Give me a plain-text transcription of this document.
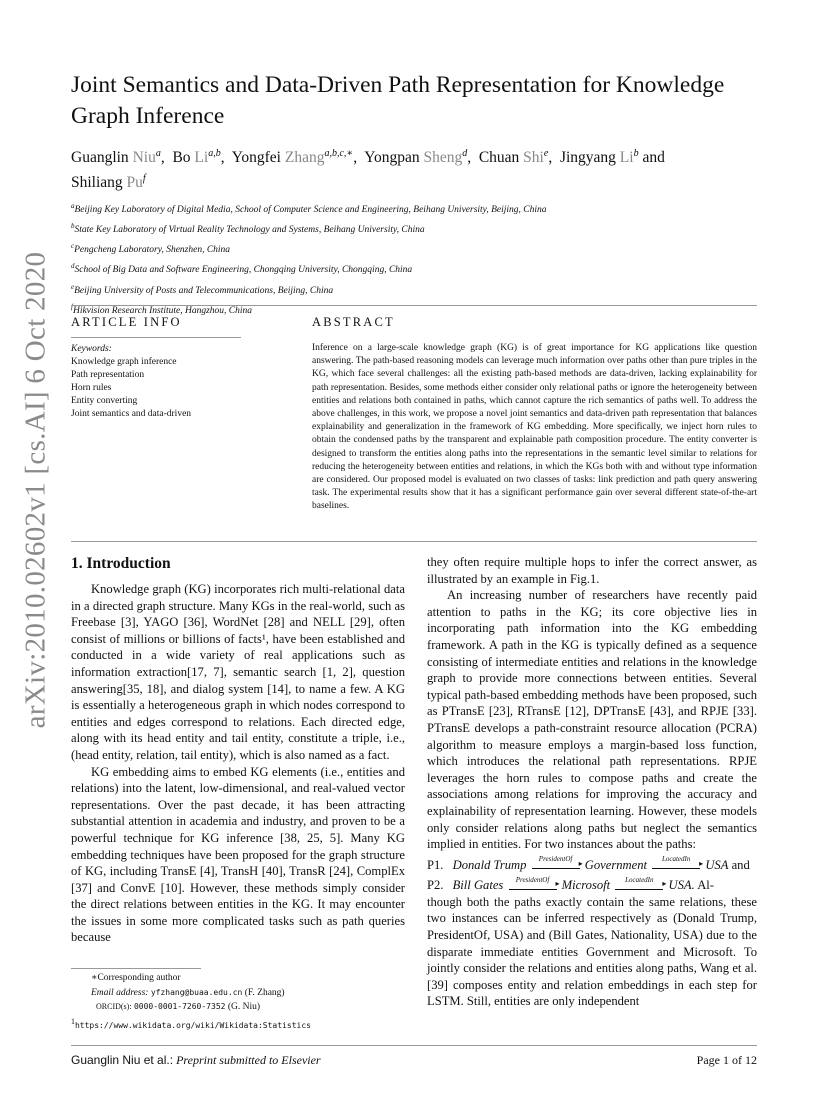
arXiv:2010.02602v1 [cs.AI] 6 Oct 2020
Joint Semantics and Data-Driven Path Representation for Knowledge Graph Inference
Guanglin Niu$^a$,  Bo Li$^{a,b}$,  Yongfei Zhang$^{a,b,c,∗}$,  Yongpan Sheng$^d$,  Chuan Shi$^e$,  Jingyang Li$^b$ and
Shiliang Pu$^f$
$^a$Beijing Key Laboratory of Digital Media, School of Computer Science and Engineering, Beihang University, Beijing, China
$^b$State Key Laboratory of Virtual Reality Technology and Systems, Beihang University, China
$^c$Pengcheng Laboratory, Shenzhen, China
$^d$School of Big Data and Software Engineering, Chongqing University, Chongqing, China
$^e$Beijing University of Posts and Telecommunications, Beijing, China
$^f$Hikvision Research Institute, Hangzhou, China
ARTICLE INFO
Keywords:
Knowledge graph inference
Path representation
Horn rules
Entity converting
Joint semantics and data-driven
ABSTRACT
Inference on a large-scale knowledge graph (KG) is of great importance for KG applications like question answering. The path-based reasoning models can leverage much information over paths other than pure triples in the KG, which face several challenges: all the existing path-based methods are data-driven, lacking explainability for path representation. Besides, some methods either consider only relational paths or ignore the heterogeneity between entities and relations both contained in paths, which cannot capture the rich semantics of paths well. To address the above challenges, in this work, we propose a novel joint semantics and data-driven path representation that balances explainability and generalization in the framework of KG embedding. More specifically, we inject horn rules to obtain the condensed paths by the transparent and explainable path composition procedure. The entity converter is designed to transform the entities along paths into the representations in the semantic level similar to relations for reducing the heterogeneity between entities and relations, in which the KGs both with and without type information are considered. Our proposed model is evaluated on two classes of tasks: link prediction and path query answering task. The experimental results show that it has a significant performance gain over several different state-of-the-art baselines.
1. Introduction

Knowledge graph (KG) incorporates rich multi-relational data in a directed graph structure. Many KGs in the real-world, such as Freebase [3], YAGO [36], WordNet [28] and NELL [29], often consist of millions or billions of facts¹, have been established and conducted in a wide variety of real applications such as information extraction[17, 7], semantic search [1, 2], question answering[35, 18], and dialog system [14], to name a few. A KG is essentially a heterogeneous graph in which nodes correspond to entities and edges correspond to relations. Each directed edge, along with its head entity and tail entity, constitute a triple, i.e., (head entity, relation, tail entity), which is also named as a fact.

KG embedding aims to embed KG elements (i.e., entities and relations) into the latent, low-dimensional, and real-valued vector representations. Over the past decade, it has been attracting substantial attention in academia and industry, and proven to be a powerful technique for KG inference [38, 25, 5]. Many KG embedding techniques have been proposed for the graph structure of KG, including TransE [4], TransH [40], TransR [24], ComplEx [37] and ConvE [10]. However, these methods simply consider the direct relations between entities in the KG. It may encounter the issues in some more complicated tasks such as path queries because

∗Corresponding author
Email address: yfzhang@buaa.edu.cn (F. Zhang)
ORCID(s): 0000-0001-7260-7352 (G. Niu)
$^1$https://www.wikidata.org/wiki/Wikidata:Statistics

they often require multiple hops to infer the correct answer, as illustrated by an example in Fig.1.

An increasing number of researchers have recently paid attention to paths in the KG; its core objective lies in incorporating path information into the KG embedding framework. A path in the KG is typically defined as a sequence consisting of intermediate entities and relations in the knowledge graph to provide more connections between entities. Several typical path-based embedding methods have been proposed, such as PTransE [23], RTransE [12], DPTransE [43], and RPJE [33]. PTransE develops a path-constraint resource allocation (PCRA) algorithm to measure employs a margin-based loss function, which introduces the relational path representations. RPJE leverages the horn rules to compose paths and create the associations among relations for improving the accuracy and explainability of representation learning. However, these models only consider relations along paths but neglect the semantics implied in entities. For two instances about the paths:

P1. Donald Trump	PresidentOf ▸ Government	LocatedIn	▸ USA and

P2. Bill Gates	PresidentOf ▸ Microsoft	LocatedIn	▸ USA. Al-

though both the paths exactly contain the same relations, these two instances can be inferred respectively as (Donald Trump, PresidentOf, USA) and (Bill Gates, Nationality, USA) due to the disparate immediate entities Government and Microsoft. To jointly consider the relations and entities along paths, Wang et al. [39] composes entity and relation embeddings in each step for LSTM. Still, entities are only independent

Guanglin Niu et al.: Preprint submitted to Elsevier	Page 1 of 12
